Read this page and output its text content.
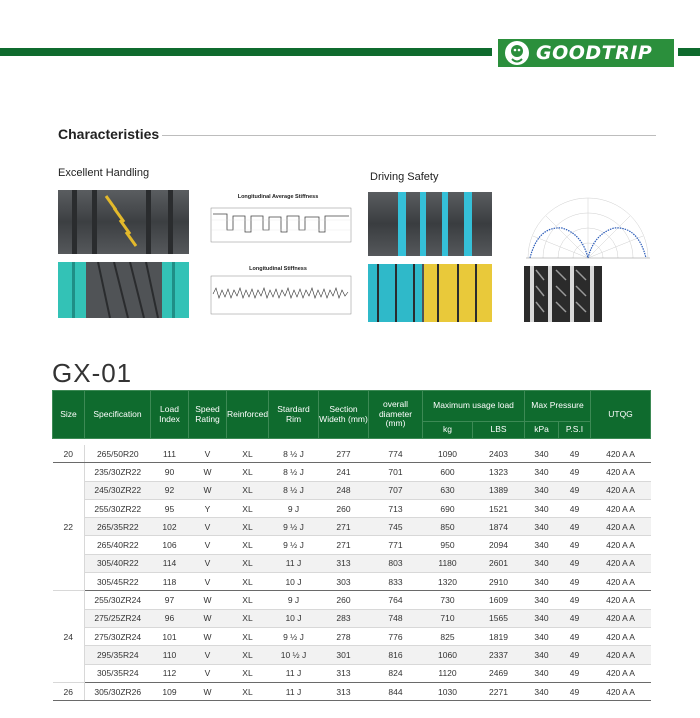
GOODTRIP
Characteristies
Excellent Handling	Driving Safety
Longitudinal Average Stiffness
Longitudinal Stiffness
GX-01
Size	Specification	Load Index	Speed Rating	Reinforced	Stardard Rim	Section Wideth (mm)	overall diameter (mm)	Maximum usage load		Max Pressure		UTQG
								kg	LBS	kPa	P.S.I	

20	265/50R20	111	V	XL	8 ½ J	277	774	1090	2403	340	49	420 A A
22	235/30ZR22	90	W	XL	8 ½ J	241	701	600	1323	340	49	420 A A
	245/30ZR22	92	W	XL	8 ½ J	248	707	630	1389	340	49	420 A A
	255/30ZR22	95	Y	XL	9 J	260	713	690	1521	340	49	420 A A
	265/35R22	102	V	XL	9 ½ J	271	745	850	1874	340	49	420 A A
	265/40R22	106	V	XL	9 ½ J	271	771	950	2094	340	49	420 A A
	305/40R22	114	V	XL	11 J	313	803	1180	2601	340	49	420 A A
	305/45R22	118	V	XL	10 J	303	833	1320	2910	340	49	420 A A
24	255/30ZR24	97	W	XL	9 J	260	764	730	1609	340	49	420 A A
	275/25ZR24	96	W	XL	10 J	283	748	710	1565	340	49	420 A A
	275/30ZR24	101	W	XL	9 ½ J	278	776	825	1819	340	49	420 A A
	295/35R24	110	V	XL	10 ½ J	301	816	1060	2337	340	49	420 A A
	305/35R24	112	V	XL	11 J	313	824	1120	2469	340	49	420 A A
26	305/30ZR26	109	W	XL	11 J	313	844	1030	2271	340	49	420 A A
